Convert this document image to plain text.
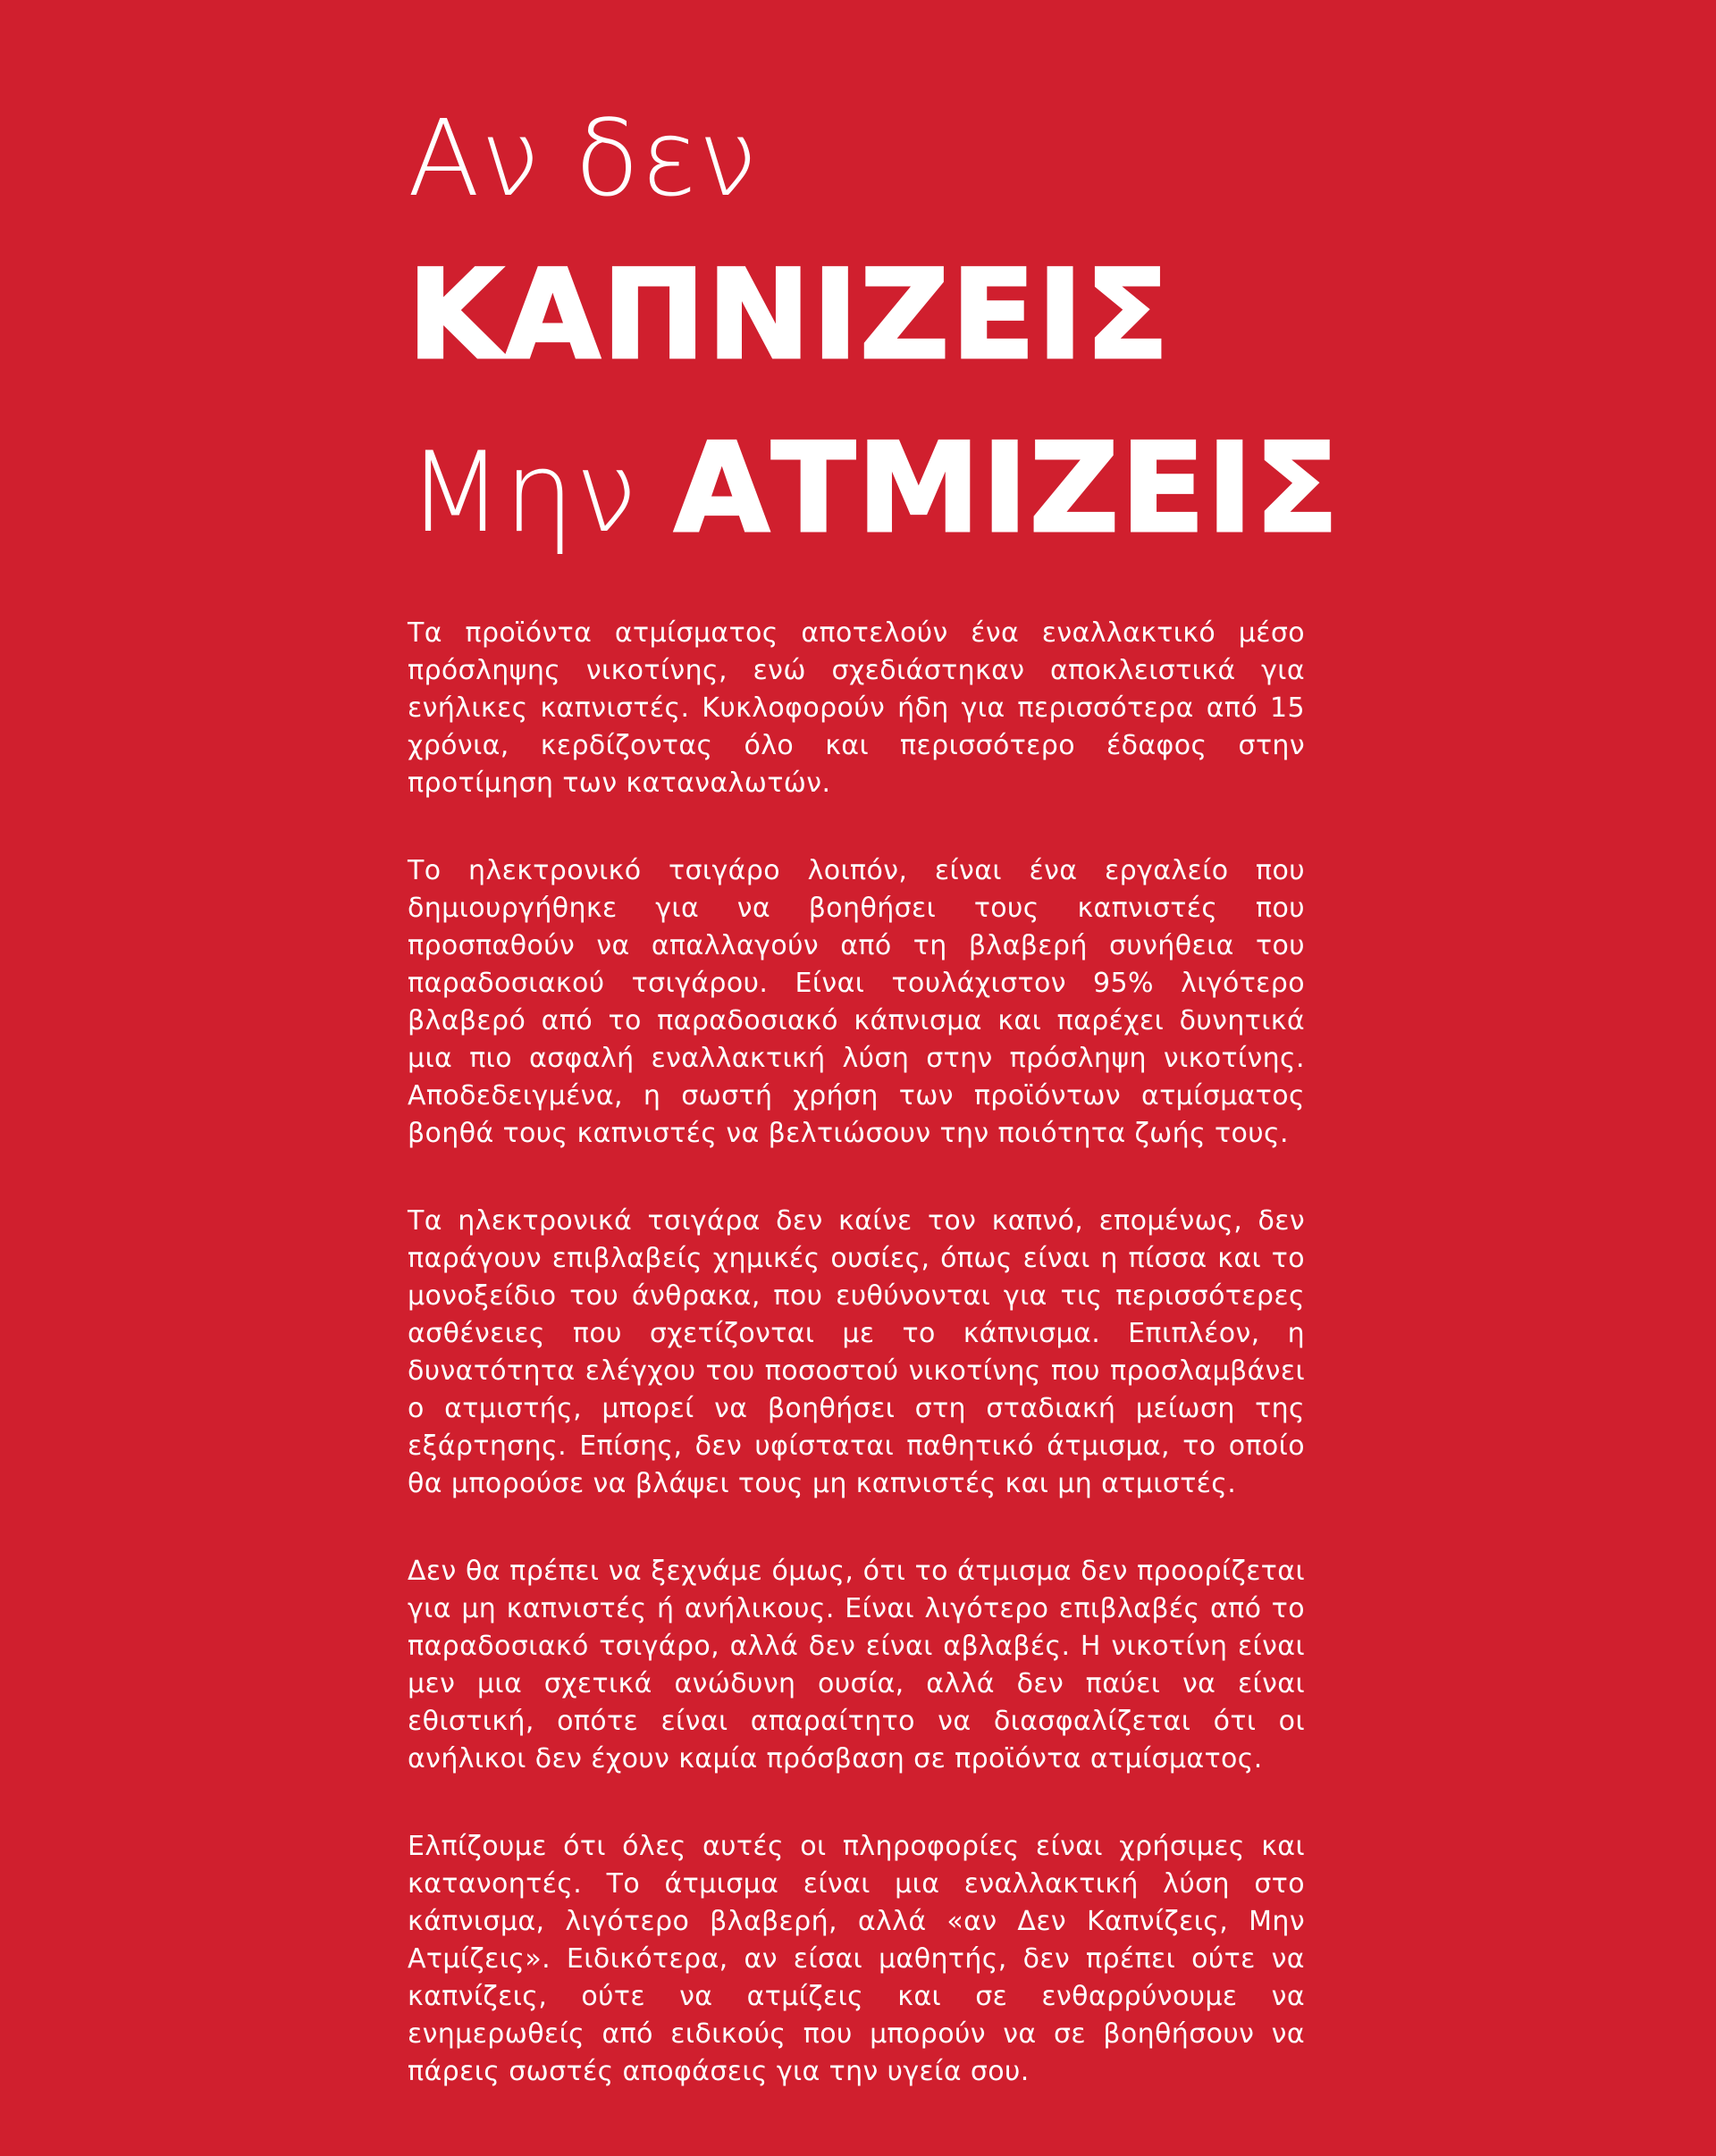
Αν δεν
ΚΑΠΝΙΖΕΙΣ
Μην ΑΤΜΙΖΕΙΣ

Τα προϊόντα ατμίσματος αποτελούν ένα εναλλακτικό μέσο πρόσληψης νικοτίνης, ενώ σχεδιάστηκαν αποκλειστικά για ενήλικες καπνιστές. Κυκλοφορούν ήδη για περισσότερα από 15 χρόνια, κερδίζοντας όλο και περισσότερο έδαφος στην προτίμηση των καταναλωτών.

Το ηλεκτρονικό τσιγάρο λοιπόν, είναι ένα εργαλείο που δημιουργήθηκε για να βοηθήσει τους καπνιστές που προσπαθούν να απαλλαγούν από τη βλαβερή συνήθεια του παραδοσιακού τσιγάρου. Είναι τουλάχιστον 95% λιγότερο βλαβερό από το παραδοσιακό κάπνισμα και παρέχει δυνητικά μια πιο ασφαλή εναλλακτική λύση στην πρόσληψη νικοτίνης. Αποδεδειγμένα, η σωστή χρήση των προϊόντων ατμίσματος βοηθά τους καπνιστές να βελτιώσουν την ποιότητα ζωής τους.

Τα ηλεκτρονικά τσιγάρα δεν καίνε τον καπνό, επομένως, δεν παράγουν επιβλαβείς χημικές ουσίες, όπως είναι η πίσσα και το μονοξείδιο του άνθρακα, που ευθύνονται για τις περισσότερες ασθένειες που σχετίζονται με το κάπνισμα. Επιπλέον, η δυνατότητα ελέγχου του ποσοστού νικοτίνης που προσλαμβάνει ο ατμιστής, μπορεί να βοηθήσει στη σταδιακή μείωση της εξάρτησης. Επίσης, δεν υφίσταται παθητικό άτμισμα, το οποίο θα μπορούσε να βλάψει τους μη καπνιστές και μη ατμιστές.

Δεν θα πρέπει να ξεχνάμε όμως, ότι το άτμισμα δεν προορίζεται για μη καπνιστές ή ανήλικους. Είναι λιγότερο επιβλαβές από το παραδοσιακό τσιγάρο, αλλά δεν είναι αβλαβές. Η νικοτίνη είναι μεν μια σχετικά ανώδυνη ουσία, αλλά δεν παύει να είναι εθιστική, οπότε είναι απαραίτητο να διασφαλίζεται ότι οι ανήλικοι δεν έχουν καμία πρόσβαση σε προϊόντα ατμίσματος.

Ελπίζουμε ότι όλες αυτές οι πληροφορίες είναι χρήσιμες και κατανοητές. Το άτμισμα είναι μια εναλλακτική λύση στο κάπνισμα, λιγότερο βλαβερή, αλλά «αν Δεν Καπνίζεις, Μην Ατμίζεις». Ειδικότερα, αν είσαι μαθητής, δεν πρέπει ούτε να καπνίζεις, ούτε να ατμίζεις και σε ενθαρρύνουμε να ενημερωθείς από ειδικούς που μπορούν να σε βοηθήσουν να πάρεις σωστές αποφάσεις για την υγεία σου.
